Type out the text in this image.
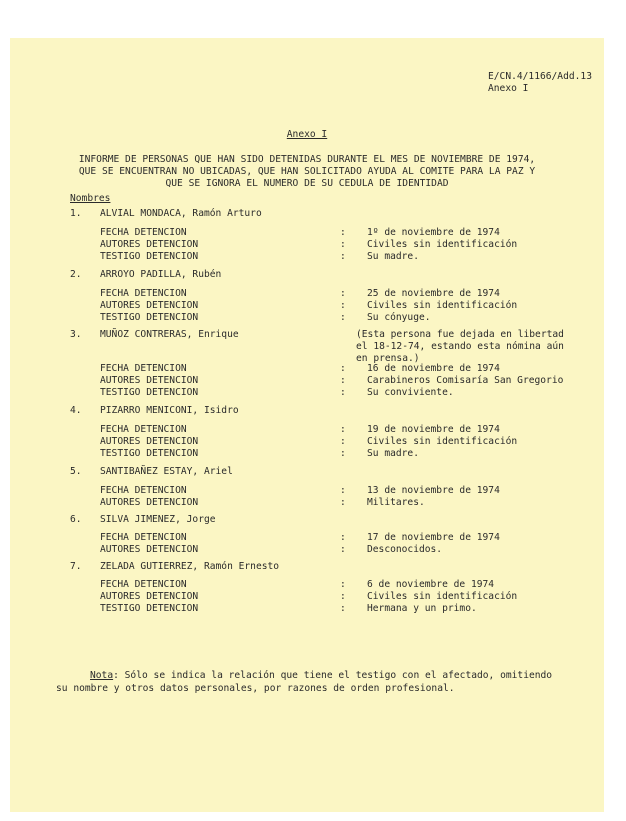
E/CN.4/1166/Add.13
Anexo I
Anexo I
INFORME DE PERSONAS QUE HAN SIDO DETENIDAS DURANTE EL MES DE NOVIEMBRE DE 1974,
QUE SE ENCUENTRAN NO UBICADAS, QUE HAN SOLICITADO AYUDA AL COMITE PARA LA PAZ Y
QUE SE IGNORA EL NUMERO DE SU CEDULA DE IDENTIDAD
Nombres
1. ALVIAL MONDACA, Ramón Arturo
FECHA DETENCION	: 1º de noviembre de 1974
AUTORES DETENCION	: Civiles sin identificación
TESTIGO DETENCION	: Su madre.
2. ARROYO PADILLA, Rubén
FECHA DETENCION	: 25 de noviembre de 1974
AUTORES DETENCION	: Civiles sin identificación
TESTIGO DETENCION	: Su cónyuge.
3. MUÑOZ CONTRERAS, Enrique	(Esta persona fue dejada en libertad
el 18-12-74, estando esta nómina aún
en prensa.)
FECHA DETENCION	: 16 de noviembre de 1974
AUTORES DETENCION	: Carabineros Comisaría San Gregorio
TESTIGO DETENCION	: Su conviviente.
4. PIZARRO MENICONI, Isidro
FECHA DETENCION	: 19 de noviembre de 1974
AUTORES DETENCION	: Civiles sin identificación
TESTIGO DETENCION	: Su madre.
5. SANTIBAÑEZ ESTAY, Ariel
FECHA DETENCION	: 13 de noviembre de 1974
AUTORES DETENCION	: Militares.
6. SILVA JIMENEZ, Jorge
FECHA DETENCION	: 17 de noviembre de 1974
AUTORES DETENCION	: Desconocidos.
7. ZELADA GUTIERREZ, Ramón Ernesto
FECHA DETENCION	: 6 de noviembre de 1974
AUTORES DETENCION	: Civiles sin identificación
TESTIGO DETENCION	: Hermana y un primo.
Nota: Sólo se indica la relación que tiene el testigo con el afectado, omitiendo
su nombre y otros datos personales, por razones de orden profesional.
